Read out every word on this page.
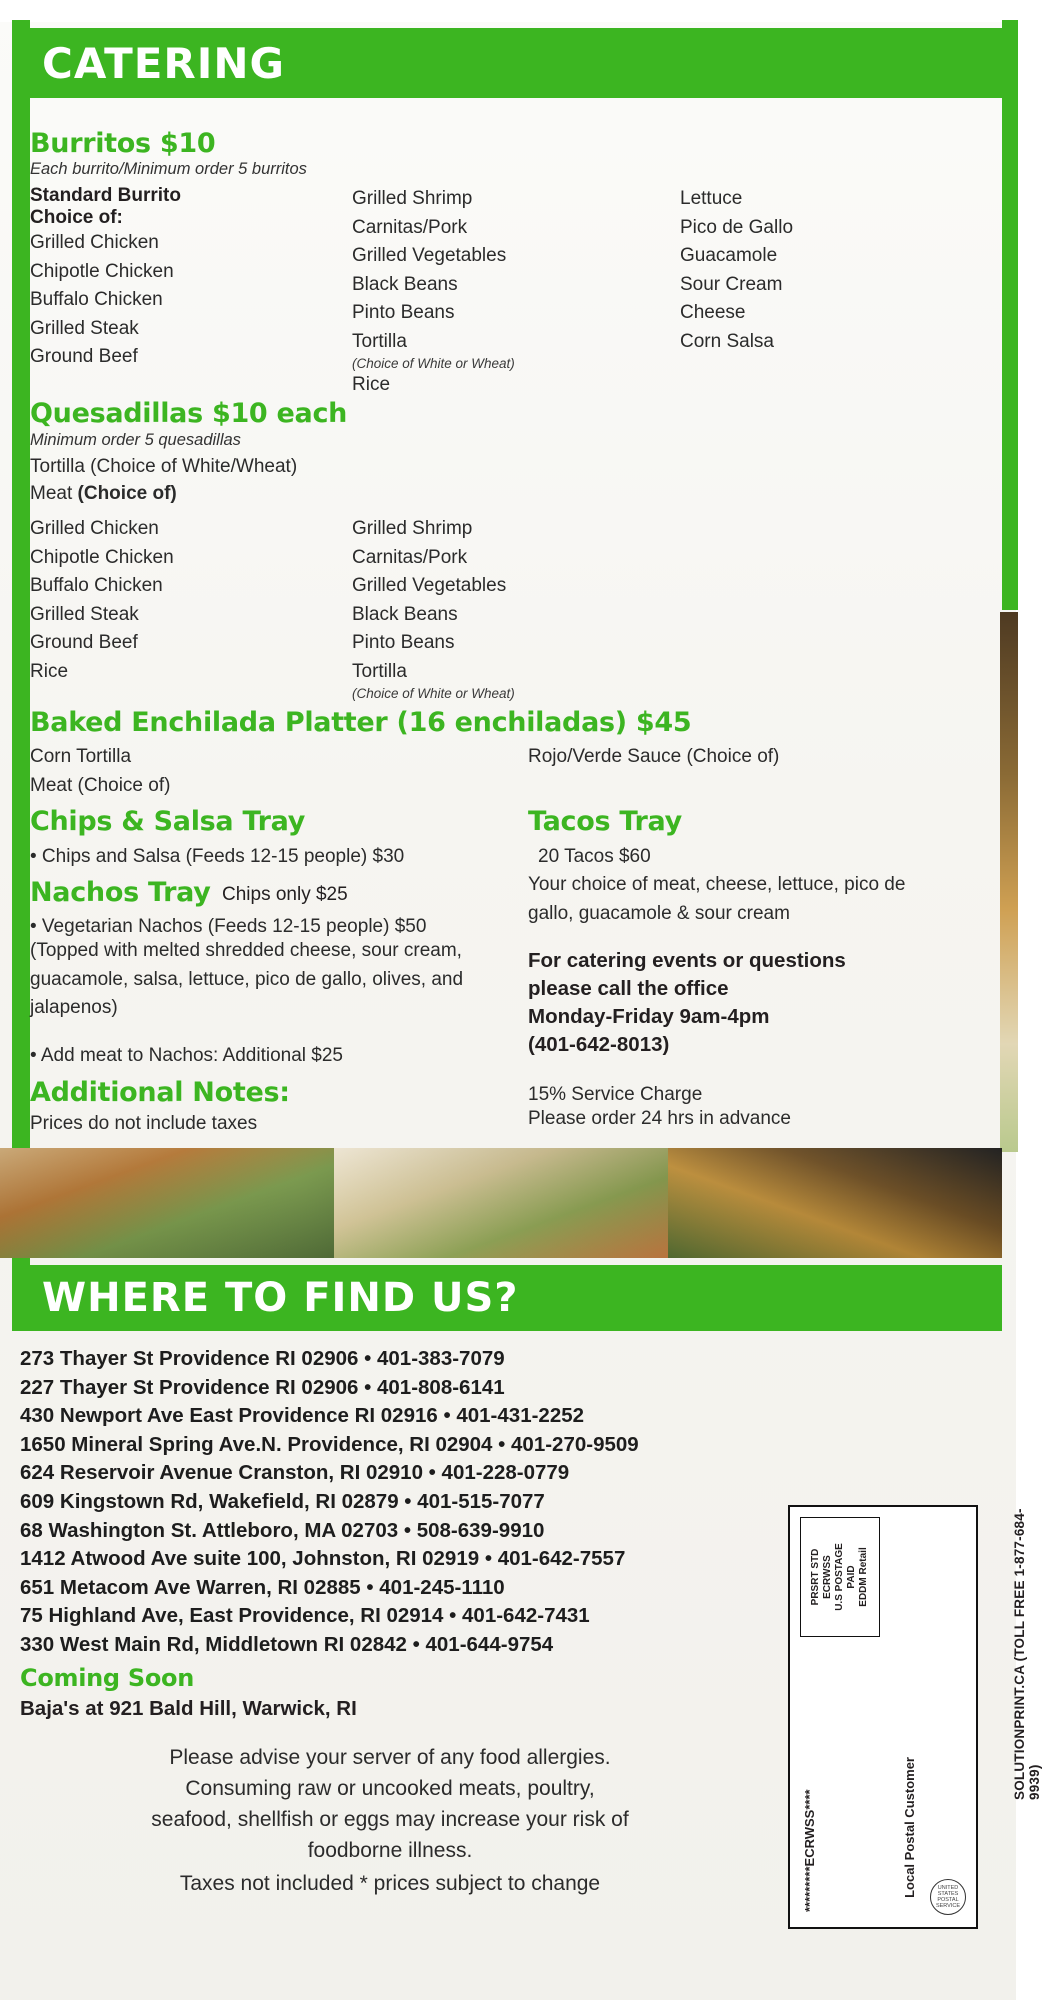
CATERING
Burritos $10
Each burrito/Minimum order 5 burritos
Standard Burrito
Choice of:
Grilled Chicken
Chipotle Chicken
Buffalo Chicken
Grilled Steak
Ground Beef
Grilled Shrimp
Carnitas/Pork
Grilled Vegetables
Black Beans
Pinto Beans
Tortilla
(Choice of White or Wheat)
Rice
Lettuce
Pico de Gallo
Guacamole
Sour Cream
Cheese
Corn Salsa
Quesadillas $10 each
Minimum order 5 quesadillas
Tortilla (Choice of White/Wheat)
Meat (Choice of)
Grilled Chicken
Chipotle Chicken
Buffalo Chicken
Grilled Steak
Ground Beef
Rice
Grilled Shrimp
Carnitas/Pork
Grilled Vegetables
Black Beans
Pinto Beans
Tortilla
(Choice of White or Wheat)
Baked Enchilada Platter (16 enchiladas) $45
Corn Tortilla
Meat (Choice of)
Rojo/Verde Sauce (Choice of)
Chips & Salsa Tray
• Chips and Salsa (Feeds 12-15 people) $30
Nachos Tray Chips only $25
• Vegetarian Nachos (Feeds 12-15 people) $50
(Topped with melted shredded cheese, sour cream, guacamole, salsa, lettuce, pico de gallo, olives, and jalapenos)
• Add meat to Nachos: Additional $25
Tacos Tray
20 Tacos $60
Your choice of meat, cheese, lettuce, pico de gallo, guacamole & sour cream
For catering events or questions
please call the office
Monday-Friday 9am-4pm
(401-642-8013)
Additional Notes:
Prices do not include taxes
15% Service Charge
Please order 24 hrs in advance
WHERE TO FIND US?
273 Thayer St Providence RI 02906 • 401-383-7079
227 Thayer St Providence RI 02906 • 401-808-6141
430 Newport Ave East Providence RI 02916 • 401-431-2252
1650 Mineral Spring Ave.N. Providence, RI 02904 • 401-270-9509
624 Reservoir Avenue Cranston, RI 02910 • 401-228-0779
609 Kingstown Rd, Wakefield, RI 02879 • 401-515-7077
68 Washington St. Attleboro, MA 02703 • 508-639-9910
1412 Atwood Ave suite 100, Johnston, RI 02919 • 401-642-7557
651 Metacom Ave Warren, RI 02885 • 401-245-1110
75 Highland Ave, East Providence, RI 02914 • 401-642-7431
330 West Main Rd, Middletown RI 02842 • 401-644-9754
Coming Soon
Baja's at 921 Bald Hill, Warwick, RI
Please advise your server of any food allergies.
Consuming raw or uncooked meats, poultry,
seafood, shellfish or eggs may increase your risk of
foodborne illness.
Taxes not included * prices subject to change
PRSRT STD
ECRWSS
U.S POSTAGE
PAID
EDDM Retail
*********ECRWSS****	Local Postal Customer
UNITED STATES POSTAL SERVICE
SOLUTIONPRINT.CA (TOLL FREE 1-877-684-9939)
